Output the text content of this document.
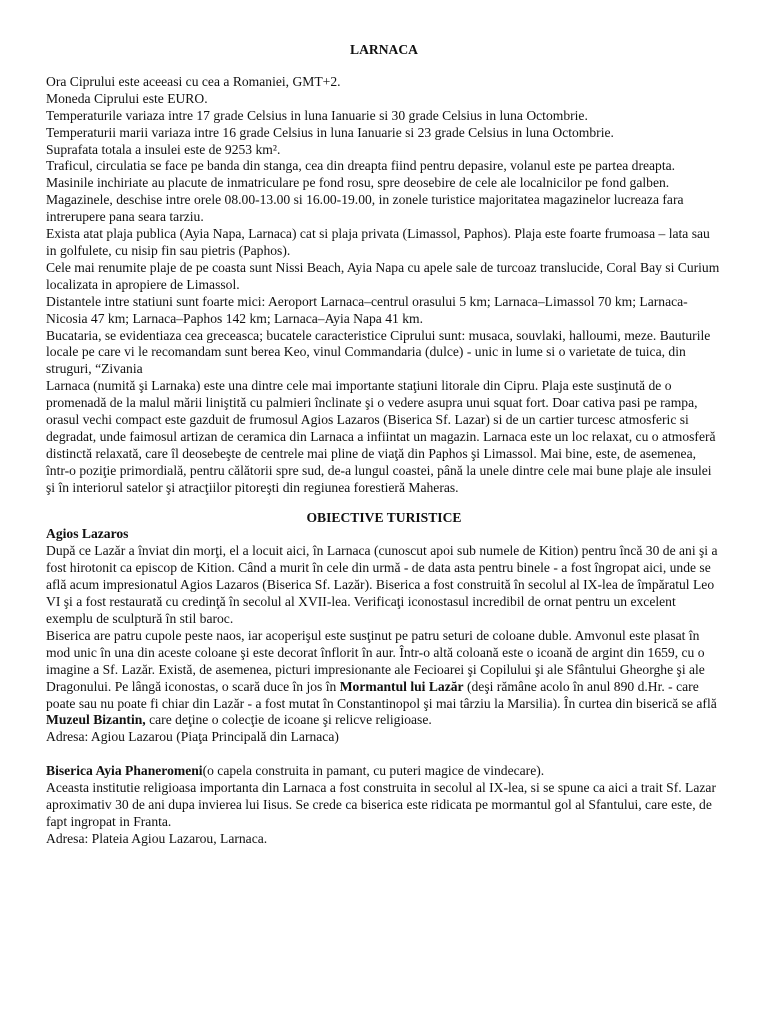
LARNACA

Ora Ciprului este aceeasi cu cea a Romaniei, GMT+2.

Moneda Ciprului este EURO.

Temperaturile variaza intre 17 grade Celsius in luna Ianuarie si 30 grade Celsius in luna Octombrie.

Temperaturii marii variaza intre 16 grade Celsius in luna Ianuarie si 23 grade Celsius in luna Octombrie.

Suprafata totala a insulei este de 9253 km².

Traficul, circulatia se face pe banda din stanga, cea din dreapta fiind pentru depasire, volanul este pe partea dreapta.

Masinile inchiriate au placute de inmatriculare pe fond rosu, spre deosebire de cele ale localnicilor pe fond galben.

Magazinele, deschise intre orele 08.00-13.00 si 16.00-19.00, in zonele turistice majoritatea magazinelor lucreaza fara intrerupere pana seara tarziu.

Exista atat plaja publica (Ayia Napa, Larnaca) cat si plaja privata (Limassol, Paphos). Plaja este foarte frumoasa – lata sau in golfulete, cu nisip fin sau pietris (Paphos).

Cele mai renumite plaje de pe coasta sunt Nissi Beach, Ayia Napa cu apele sale de turcoaz translucide, Coral Bay si Curium localizata in apropiere de Limassol.

Distantele intre statiuni sunt foarte mici: Aeroport Larnaca–centrul orasului 5 km; Larnaca–Limassol 70 km; Larnaca-Nicosia 47 km; Larnaca–Paphos 142 km; Larnaca–Ayia Napa 41 km.

Bucataria, se evidentiaza cea greceasca; bucatele caracteristice Ciprului sunt: musaca, souvlaki, halloumi, meze. Bauturile locale pe care vi le recomandam sunt berea Keo, vinul Commandaria (dulce) - unic in lume si o varietate de tuica, din struguri, “Zivania

Larnaca (numită şi Larnaka) este una dintre cele mai importante staţiuni litorale din Cipru. Plaja este susţinută de o promenadă de la malul mării liniştită cu palmieri înclinate şi o vedere asupra unui squat fort. Doar cativa pasi pe rampa, orasul vechi compact este gazduit de frumosul Agios Lazaros (Biserica Sf. Lazar) si de un cartier turcesc atmosferic si degradat, unde faimosul artizan de ceramica din Larnaca a infiintat un magazin. Larnaca este un loc relaxat, cu o atmosferă distinctă relaxată, care îl deosebeşte de centrele mai pline de viaţă din Paphos şi Limassol. Mai bine, este, de asemenea, într-o poziţie primordială, pentru călătorii spre sud, de-a lungul coastei, până la unele dintre cele mai bune plaje ale insulei şi în interiorul satelor şi atracţiilor pitoreşti din regiunea forestieră Maheras.

OBIECTIVE TURISTICE

Agios Lazaros

După ce Lazăr a înviat din morţi, el a locuit aici, în Larnaca (cunoscut apoi sub numele de Kition) pentru încă 30 de ani şi a fost hirotonit ca episcop de Kition. Când a murit în cele din urmă - de data asta pentru binele - a fost îngropat aici, unde se află acum impresionatul Agios Lazaros (Biserica Sf. Lazăr). Biserica a fost construită în secolul al IX-lea de împăratul Leo VI şi a fost restaurată cu credinţă în secolul al XVII-lea. Verificaţi iconostasul incredibil de ornat pentru un excelent exemplu de sculptură în stil baroc.

Biserica are patru cupole peste naos, iar acoperişul este susţinut pe patru seturi de coloane duble. Amvonul este plasat în mod unic în una din aceste coloane şi este decorat înflorit în aur. Într-o altă coloană este o icoană de argint din 1659, cu o imagine a Sf. Lazăr. Există, de asemenea, picturi impresionante ale Fecioarei şi Copilului şi ale Sfântului Gheorghe şi ale Dragonului. Pe lângă iconostas, o scară duce în jos în Mormantul lui Lazăr (deşi rămâne acolo în anul 890 d.Hr. - care poate sau nu poate fi chiar din Lazăr - a fost mutat în Constantinopol şi mai târziu la Marsilia). În curtea din biserică se află Muzeul Bizantin, care deţine o colecţie de icoane şi relicve religioase.

Adresa: Agiou Lazarou (Piaţa Principală din Larnaca)

Biserica Ayia Phaneromeni(o capela construita in pamant, cu puteri magice de vindecare).

Aceasta institutie religioasa importanta din Larnaca a fost construita in secolul al IX-lea, si se spune ca aici a trait Sf. Lazar aproximativ 30 de ani dupa invierea lui Iisus. Se crede ca biserica este ridicata pe mormantul gol al Sfantului, care este, de fapt ingropat in Franta.

Adresa: Plateia Agiou Lazarou, Larnaca.
